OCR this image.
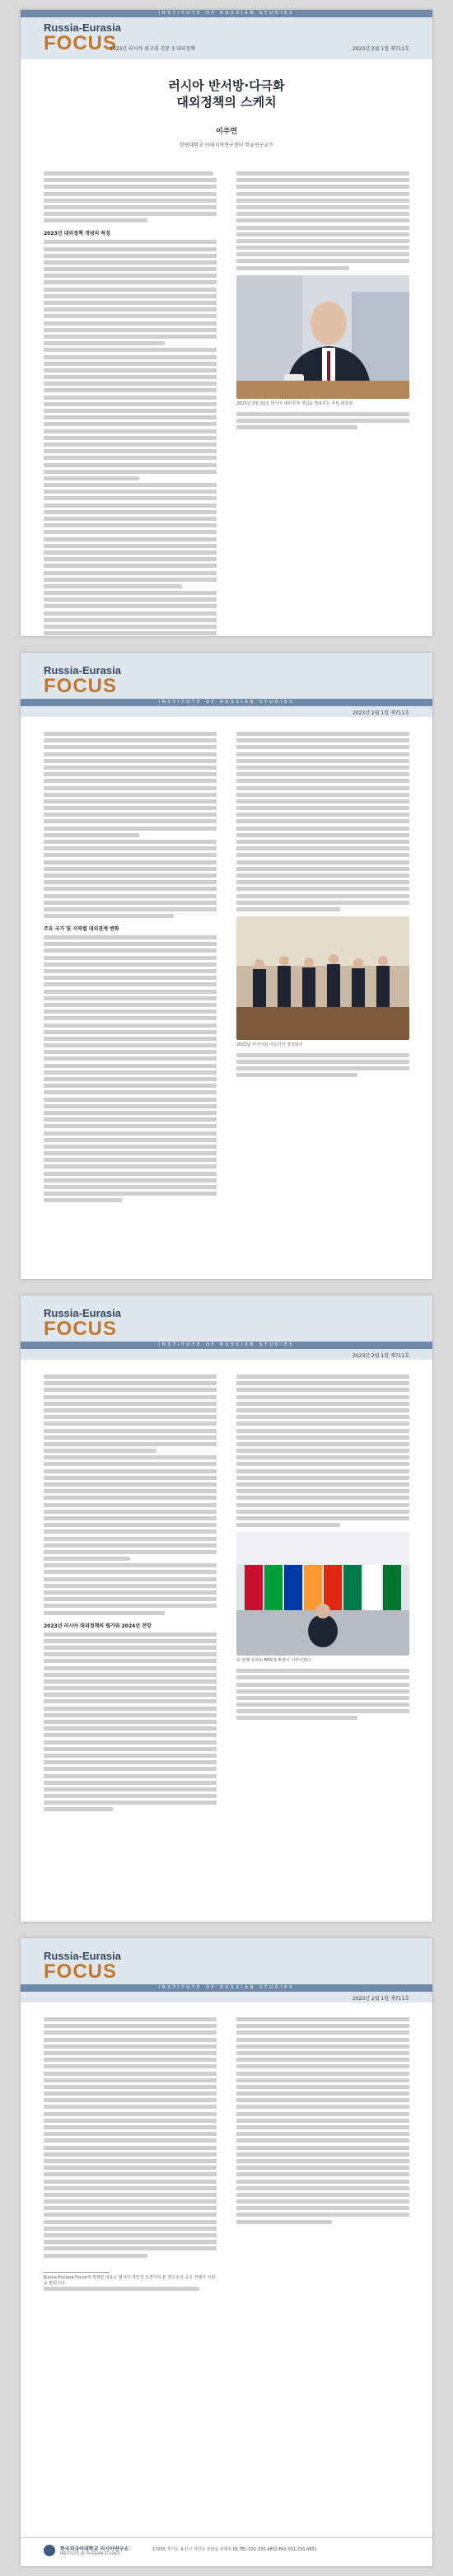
INSTITUTE OF RUSSIAN STUDIES
Russia-Eurasia
FOCUS
2023년 러시아 최고위 전문 3 대외정책	2023년 2월 1일 제711호
러시아 반서방·다극화
대외정책의 스케치
이주연
한림대학교 아태지역연구센터 학술연구교수
2023년 대외정책 개념의 특징
2023년 3월 31일 러시아 대외정책 개념을 발표하는 푸틴 대통령
Russia-Eurasia
FOCUS
INSTITUTE OF RUSSIAN STUDIES
2023년 2월 1일 제711호
주요 국가 및 지역별 대외관계 변화
2023년 러시아와 아프리카 정상회의
Russia-Eurasia
FOCUS
INSTITUTE OF RUSSIAN STUDIES
2023년 2월 1일 제711호
2023년 러시아 대외정책의 평가와 2024년 전망
또 번째 상과로 BRICS 확장이 이루어졌다
Russia-Eurasia
FOCUS
INSTITUTE OF RUSSIAN STUDIES
2023년 2월 1일 제711호
Russia-Eurasia Focus에 게재된 내용은 필자의 개인적 의견이며 본 연구소의 공식 견해가 아님을 밝힙니다.
한국외국어대학교 러시아연구소
INSTITUTE OF RUSSIAN STUDIES
17035 경기도 용인시 처인구 모현읍 외대로 81 TEL:031-330-4852 FAX:031-330-4851
